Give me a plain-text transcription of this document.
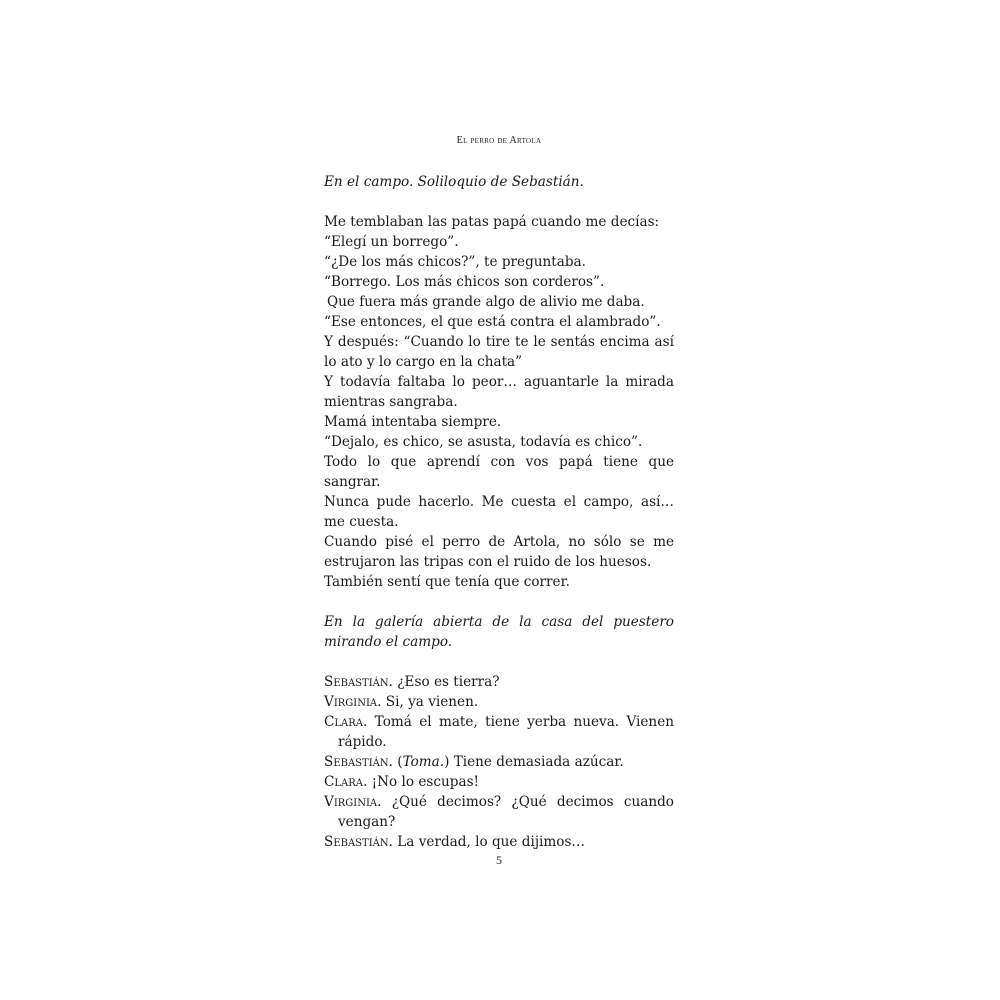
El perro de Artola

En el campo. Soliloquio de Sebastián.

Me temblaban las patas papá cuando me decías:

“Elegí un borrego”.

“¿De los más chicos?”, te preguntaba.

“Borrego. Los más chicos son corderos”.

Que fuera más grande algo de alivio me daba.

“Ese entonces, el que está contra el alambrado”.

Y después: “Cuando lo tire te le sentás encima así lo ato y lo cargo en la chata”

Y todavía faltaba lo peor… aguantarle la mirada mientras sangraba.

Mamá intentaba siempre.

“Dejalo, es chico, se asusta, todavía es chico”.

Todo lo que aprendí con vos papá tiene que sangrar.

Nunca pude hacerlo. Me cuesta el campo, así… me cuesta.

Cuando pisé el perro de Artola, no sólo se me estrujaron las tripas con el ruido de los huesos.

También sentí que tenía que correr.

En la galería abierta de la casa del puestero mirando el campo.

Sebastián. ¿Eso es tierra?

Virginia. Si, ya vienen.

Clara. Tomá el mate, tiene yerba nueva. Vienen rápido.

Sebastián. (Toma.) Tiene demasiada azúcar.

Clara. ¡No lo escupas!

Virginia. ¿Qué decimos? ¿Qué decimos cuando vengan?

Sebastián. La verdad, lo que dijimos…

5
